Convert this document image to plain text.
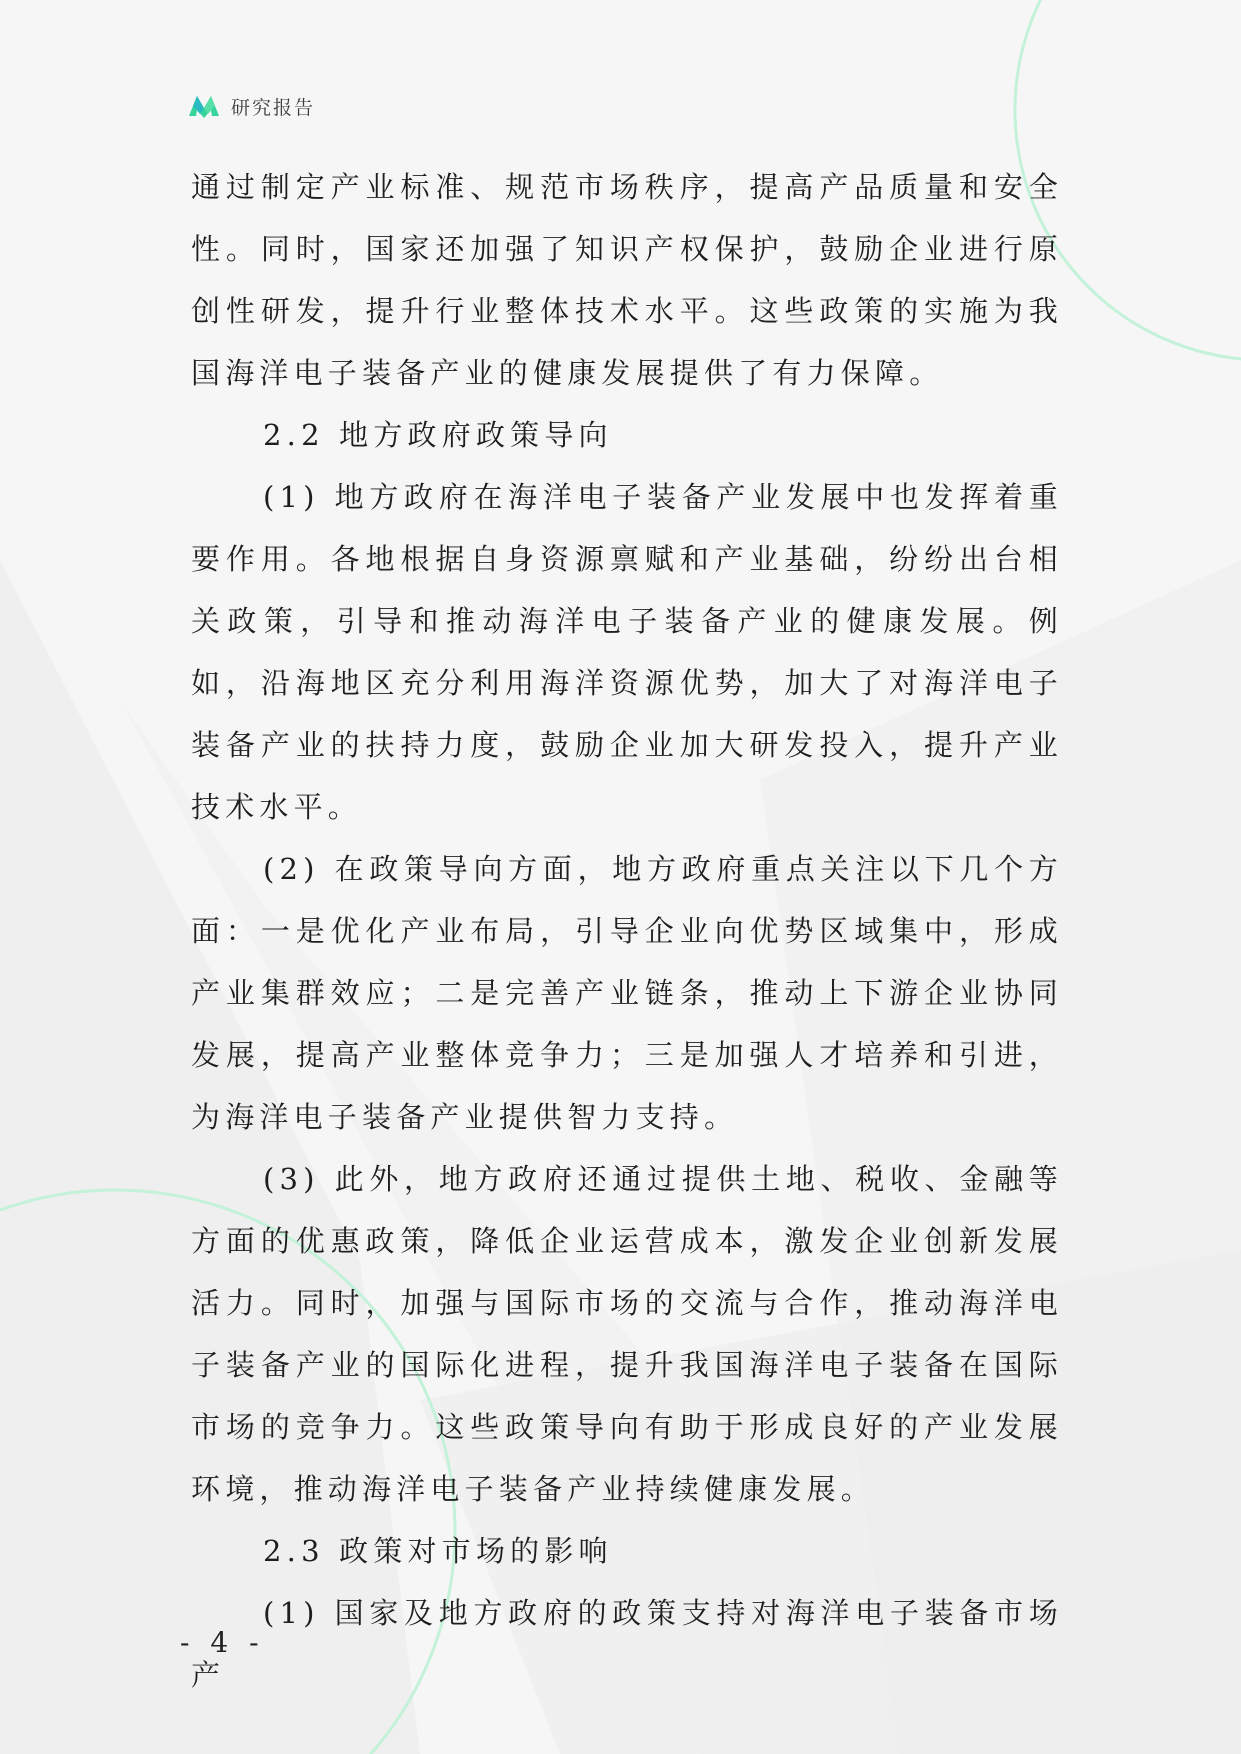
研究报告

通过制定产业标准、规范市场秩序，提高产品质量和安全性。同时，国家还加强了知识产权保护，鼓励企业进行原创性研发，提升行业整体技术水平。这些政策的实施为我国海洋电子装备产业的健康发展提供了有力保障。

2.2 地方政府政策导向

(1) 地方政府在海洋电子装备产业发展中也发挥着重要作用。各地根据自身资源禀赋和产业基础，纷纷出台相关政策，引导和推动海洋电子装备产业的健康发展。例如，沿海地区充分利用海洋资源优势，加大了对海洋电子装备产业的扶持力度，鼓励企业加大研发投入，提升产业技术水平。

(2) 在政策导向方面，地方政府重点关注以下几个方面：一是优化产业布局，引导企业向优势区域集中，形成产业集群效应；二是完善产业链条，推动上下游企业协同发展，提高产业整体竞争力；三是加强人才培养和引进，为海洋电子装备产业提供智力支持。

(3) 此外，地方政府还通过提供土地、税收、金融等方面的优惠政策，降低企业运营成本，激发企业创新发展活力。同时，加强与国际市场的交流与合作，推动海洋电子装备产业的国际化进程，提升我国海洋电子装备在国际市场的竞争力。这些政策导向有助于形成良好的产业发展环境，推动海洋电子装备产业持续健康发展。

2.3 政策对市场的影响

(1) 国家及地方政府的政策支持对海洋电子装备市场产

- 4 -
